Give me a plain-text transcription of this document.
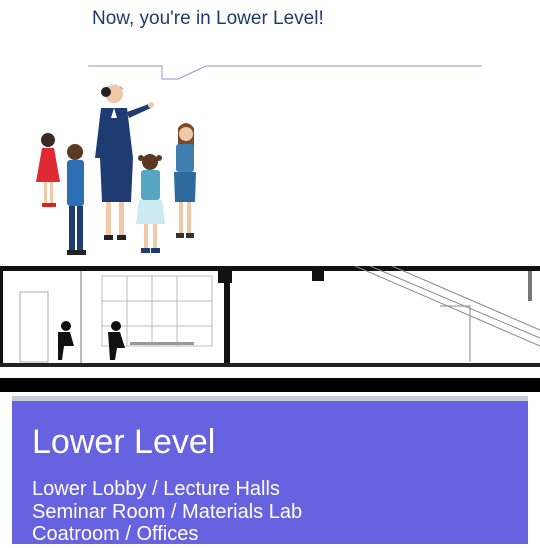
Now, you're in Lower Level!
Lower Level
Lower Lobby / Lecture Halls
Seminar Room / Materials Lab
Coatroom / Offices
